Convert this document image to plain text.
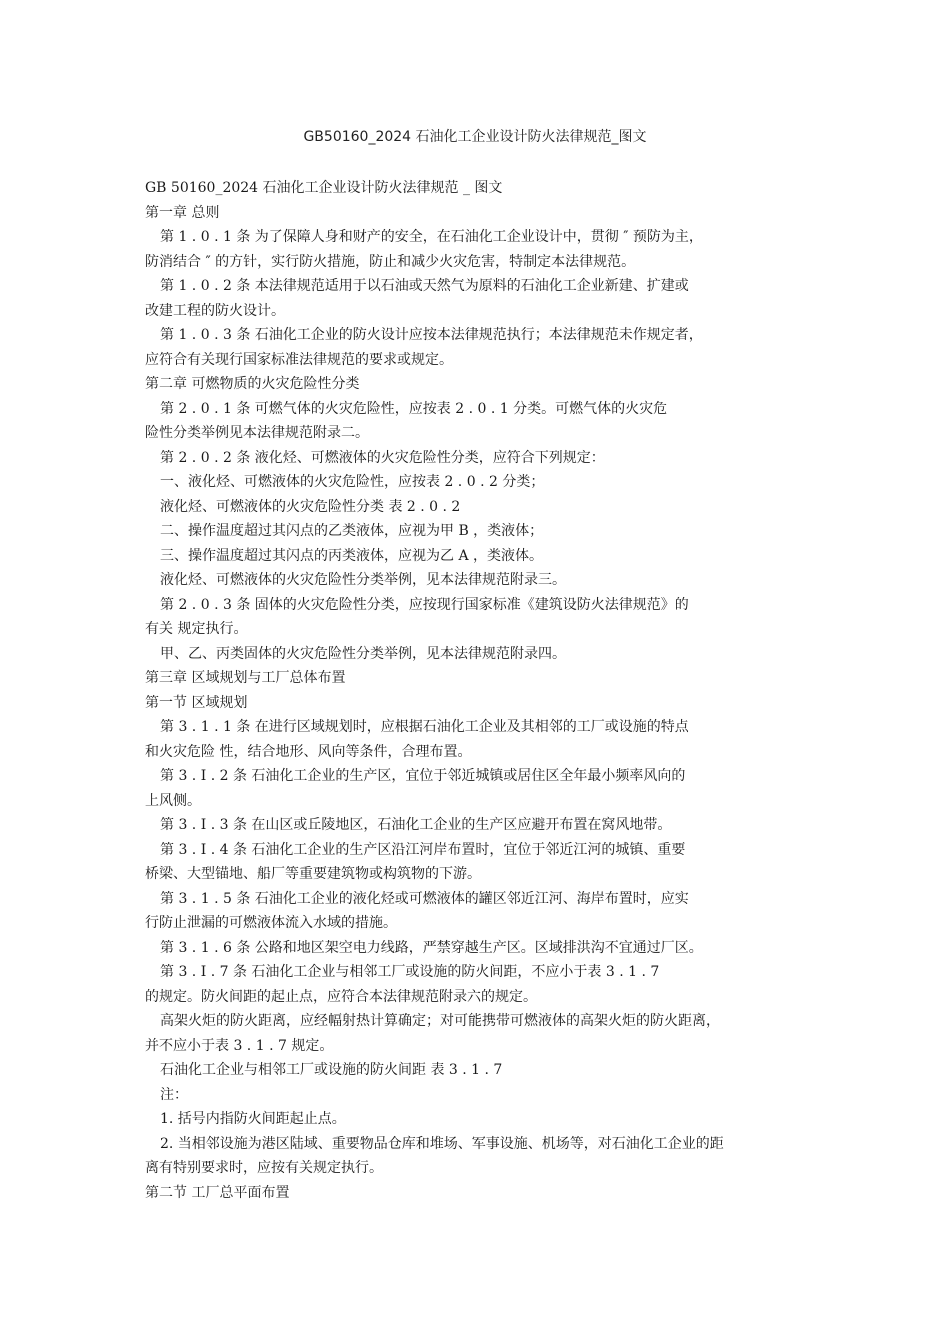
GB50160_2024 石油化工企业设计防火法律规范_图文
GB 50160_2024 石油化工企业设计防火法律规范 _ 图文
第一章 总则
第 1 . 0 . 1 条 为了保障人身和财产的安全，在石油化工企业设计中，贯彻 ″ 预防为主，
防消结合 ″ 的方针，实行防火措施，防止和减少火灾危害，特制定本法律规范。
第 1 . 0 . 2 条 本法律规范适用于以石油或天然气为原料的石油化工企业新建、扩建或
改建工程的防火设计。
第 1 . 0 . 3 条 石油化工企业的防火设计应按本法律规范执行；本法律规范未作规定者，
应符合有关现行国家标准法律规范的要求或规定。
第二章 可燃物质的火灾危险性分类
第 2 . 0 . 1 条 可燃气体的火灾危险性，应按表 2 . 0 . 1 分类。可燃气体的火灾危
险性分类举例见本法律规范附录二。
第 2 . 0 . 2 条 液化烃、可燃液体的火灾危险性分类，应符合下列规定：
一、液化烃、可燃液体的火灾危险性，应按表 2 . 0 . 2 分类；
液化烃、可燃液体的火灾危险性分类 表 2 . 0 . 2
二、操作温度超过其闪点的乙类液体，应视为甲 B ，类液体；
三、操作温度超过其闪点的丙类液体，应视为乙 A ，类液体。
液化烃、可燃液体的火灾危险性分类举例，见本法律规范附录三。
第 2 . 0 . 3 条 固体的火灾危险性分类，应按现行国家标准《建筑设防火法律规范》的
有关 规定执行。
甲、乙、丙类固体的火灾危险性分类举例，见本法律规范附录四。
第三章 区域规划与工厂总体布置
第一节 区域规划
第 3 . 1 . 1 条 在进行区域规划时，应根据石油化工企业及其相邻的工厂或设施的特点
和火灾危险 性，结合地形、风向等条件，合理布置。
第 3 . I . 2 条 石油化工企业的生产区，宜位于邻近城镇或居住区全年最小频率风向的
上风侧。
第 3 . I . 3 条 在山区或丘陵地区，石油化工企业的生产区应避开布置在窝风地带。
第 3 . I . 4 条 石油化工企业的生产区沿江河岸布置时，宜位于邻近江河的城镇、重要
桥梁、大型锚地、船厂等重要建筑物或构筑物的下游。
第 3 . 1 . 5 条 石油化工企业的液化烃或可燃液体的罐区邻近江河、海岸布置时，应实
行防止泄漏的可燃液体流入水域的措施。
第 3 . 1 . 6 条 公路和地区架空电力线路，严禁穿越生产区。区域排洪沟不宜通过厂区。
第 3 . I . 7 条 石油化工企业与相邻工厂或设施的防火间距，不应小于表 3 . 1 . 7
的规定。防火间距的起止点，应符合本法律规范附录六的规定。
高架火炬的防火距离，应经幅射热计算确定；对可能携带可燃液体的高架火炬的防火距离，
并不应小于表 3 . 1 . 7 规定。
石油化工企业与相邻工厂或设施的防火间距 表 3 . 1 . 7
注：
1. 括号内指防火间距起止点。
2. 当相邻设施为港区陆域、重要物品仓库和堆场、军事设施、机场等，对石油化工企业的距
离有特别要求时，应按有关规定执行。
第二节 工厂总平面布置
